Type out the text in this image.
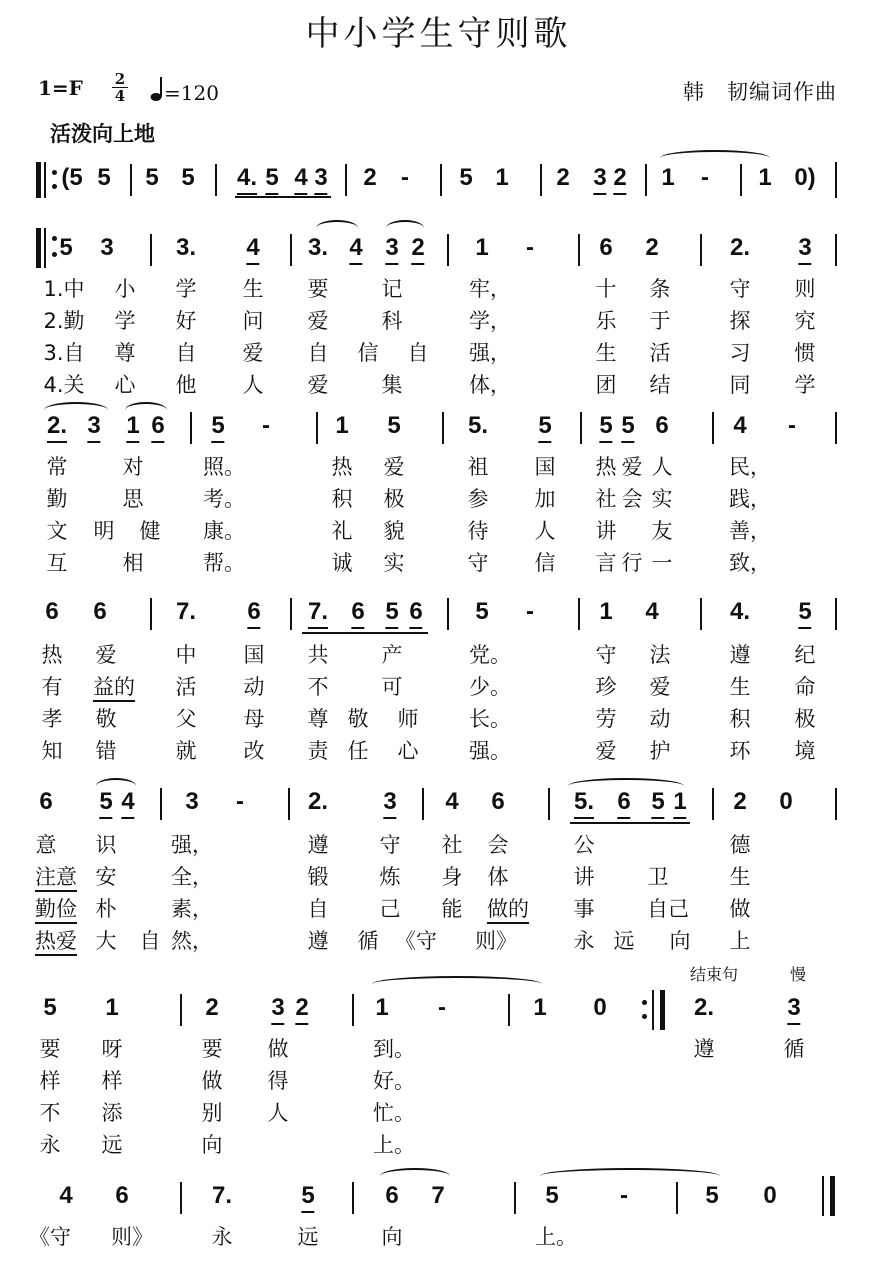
中小学生守则歌
1=F	2
4	=120	韩　韧编词作曲
活泼向上地
(5 5 5 5 4. 5 4 3 2 - 5 1 2 3 2 1 - 1 0)
5 3	3. 4 3. 4 3 2 1 -	6 2	2. 3
1.中 小 学 生 要	记	牢，	十 条	守 则
2.勤 学 好 问 爱	科	学，	乐 于	探 究
3.自 尊 自 爱 自 信 自 强，	生 活	习 惯
4.关 心 他 人 爱	集	体，	团 结	同 学
2. 3 1 6 5 -	1 5	5. 5 5 5 6	4 -
常	对	照。	热 爱	祖 国 热 爱 人	民，
勤	思	考。	积 极	参 加 社 会 实	践，
文 明 健 康。	礼 貌	待 人 讲 友	善，
互	相	帮。	诚 实	守 信 言 行 一	致，
6 6	7. 6 7. 6 5 6 5 -	1 4	4. 5
热 爱	中 国 共	产	党。	守 法	遵 纪
有 益的 活 动 不	可	少。	珍 爱	生 命
孝 敬	父 母 尊 敬 师 长。	劳 动	积 极
知 错	就 改 责 任 心 强。	爱 护	环 境
6 5 4 3 -	2. 3 4 6	5. 6 5 1 2 0
意 识	强，	遵 守 社 会	公	德
注意 安	全，	锻 炼 身 体	讲	卫	生
勤俭 朴	素，	自 己 能 做的 事	自己 做
热爱 大 自 然，	遵 循 《守 则》	永 远 向 上
结束句	慢
5 1	2 3 2	1 -	1 0	2.	3
要 呀	要 做	到。	遵	循
样 样	做 得	好。
不 添	别 人	忙。
永 远	向	上。
4 6	7.	5	6 7	5	-	5 0
《守 则》	永	远	向	上。
